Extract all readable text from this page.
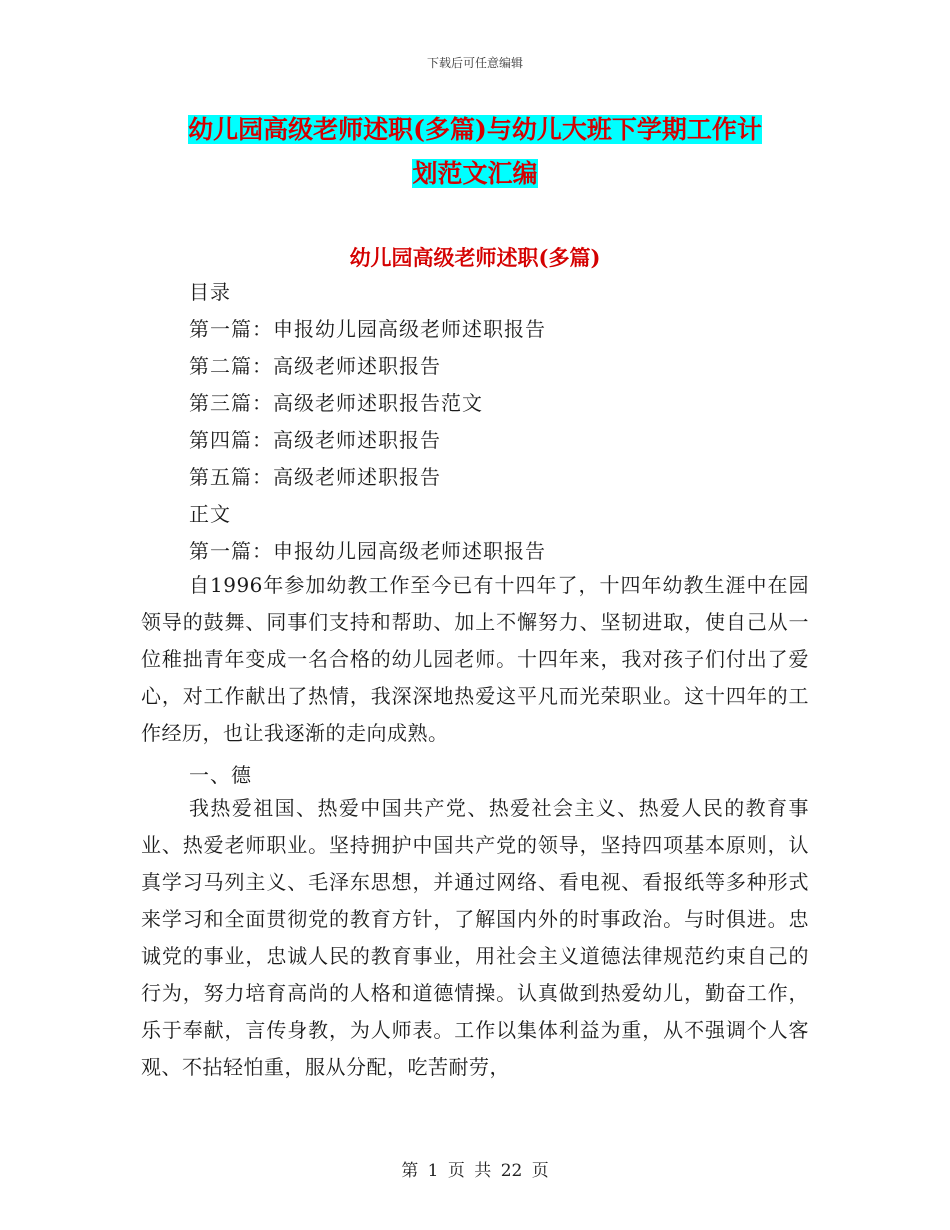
下载后可任意编辑
幼儿园高级老师述职(多篇)与幼儿大班下学期工作计
划范文汇编
幼儿园高级老师述职(多篇)
目录
第一篇：申报幼儿园高级老师述职报告
第二篇：高级老师述职报告
第三篇：高级老师述职报告范文
第四篇：高级老师述职报告
第五篇：高级老师述职报告
正文
第一篇：申报幼儿园高级老师述职报告

自1996年参加幼教工作至今已有十四年了，十四年幼教生涯中在园领导的鼓舞、同事们支持和帮助、加上不懈努力、坚韧进取，使自己从一位稚拙青年变成一名合格的幼儿园老师。十四年来，我对孩子们付出了爱心，对工作献出了热情，我深深地热爱这平凡而光荣职业。这十四年的工作经历，也让我逐渐的走向成熟。

一、德

我热爱祖国、热爱中国共产党、热爱社会主义、热爱人民的教育事业、热爱老师职业。坚持拥护中国共产党的领导，坚持四项基本原则，认真学习马列主义、毛泽东思想，并通过网络、看电视、看报纸等多种形式来学习和全面贯彻党的教育方针，了解国内外的时事政治。与时俱进。忠诚党的事业，忠诚人民的教育事业，用社会主义道德法律规范约束自己的行为，努力培育高尚的人格和道德情操。认真做到热爱幼儿，勤奋工作，乐于奉献，言传身教，为人师表。工作以集体利益为重，从不强调个人客观、不拈轻怕重，服从分配，吃苦耐劳，

第 1 页 共 22 页
